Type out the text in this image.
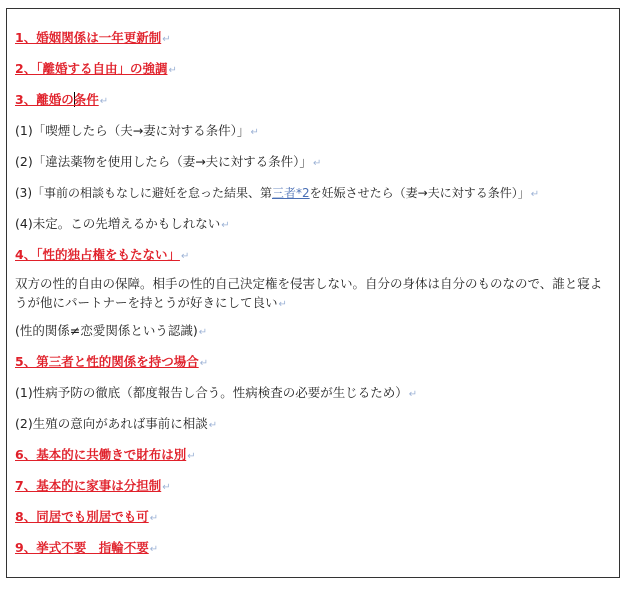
1、婚姻関係は一年更新制↵
2、「離婚する自由」の強調↵
3、離婚の条件↵
(1)「喫煙したら（夫→妻に対する条件）」↵
(2)「違法薬物を使用したら（妻→夫に対する条件）」↵
(3)「事前の相談もなしに避妊を怠った結果、第三者*2を妊娠させたら（妻→夫に対する条件）」↵
(4)未定。この先増えるかもしれない↵
4、「性的独占権をもたない」↵
双方の性的自由の保障。相手の性的自己決定権を侵害しない。自分の身体は自分のものなので、誰と寝ようが他にパートナーを持とうが好きにして良い↵
(性的関係≠恋愛関係という認識)↵
5、第三者と性的関係を持つ場合↵
(1)性病予防の徹底（都度報告し合う。性病検査の必要が生じるため）↵
(2)生殖の意向があれば事前に相談↵
6、基本的に共働きで財布は別↵
7、基本的に家事は分担制↵
8、同居でも別居でも可↵
9、挙式不要　指輪不要↵
